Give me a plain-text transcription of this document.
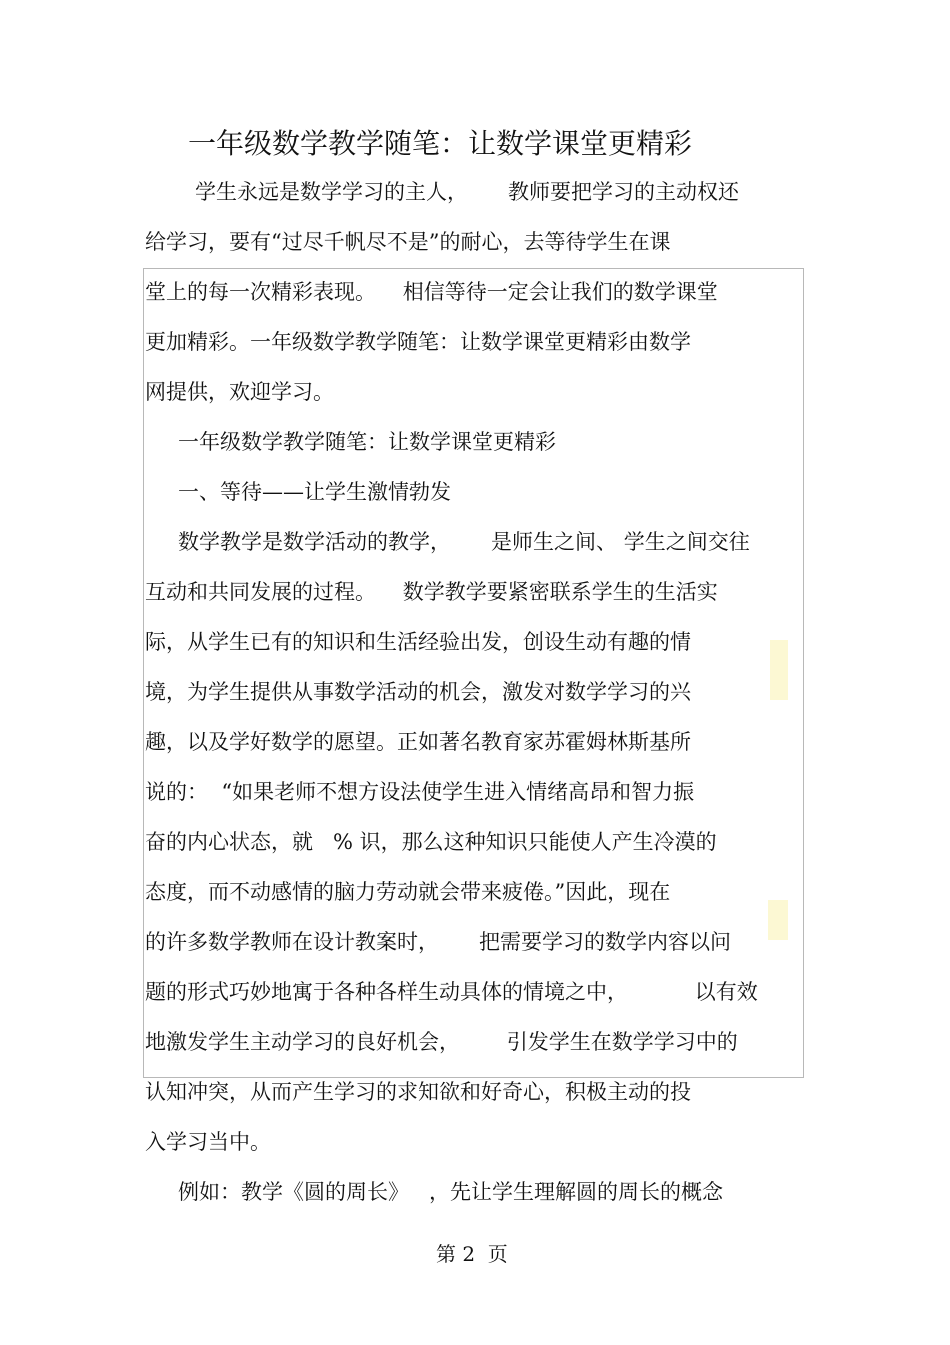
一年级数学教学随笔：让数学课堂更精彩
学生永远是数学学习的主人，      教师要把学习的主动权还
给学习，要有“过尽千帆尽不是”的耐心，去等待学生在课
堂上的每一次精彩表现。    相信等待一定会让我们的数学课堂
更加精彩。一年级数学教学随笔：让数学课堂更精彩由数学
网提供，欢迎学习。
一年级数学教学随笔：让数学课堂更精彩
一、等待——让学生激情勃发
数学教学是数学活动的教学，      是师生之间、 学生之间交往
互动和共同发展的过程。    数学教学要紧密联系学生的生活实
际，从学生已有的知识和生活经验出发，创设生动有趣的情
境，为学生提供从事数学活动的机会，激发对数学学习的兴
趣，以及学好数学的愿望。正如著名教育家苏霍姆林斯基所
说的：  “如果老师不想方设法使学生进入情绪高昂和智力振
奋的内心状态，就   % 识，那么这种知识只能使人产生冷漠的
态度，而不动感情的脑力劳动就会带来疲倦。”因此，现在
的许多数学教师在设计教案时，      把需要学习的数学内容以问
题的形式巧妙地寓于各种各样生动具体的情境之中，          以有效
地激发学生主动学习的良好机会，       引发学生在数学学习中的
认知冲突，从而产生学习的求知欲和好奇心，积极主动的投
入学习当中。
例如：教学《圆的周长》   ，先让学生理解圆的周长的概念
第 2  页
